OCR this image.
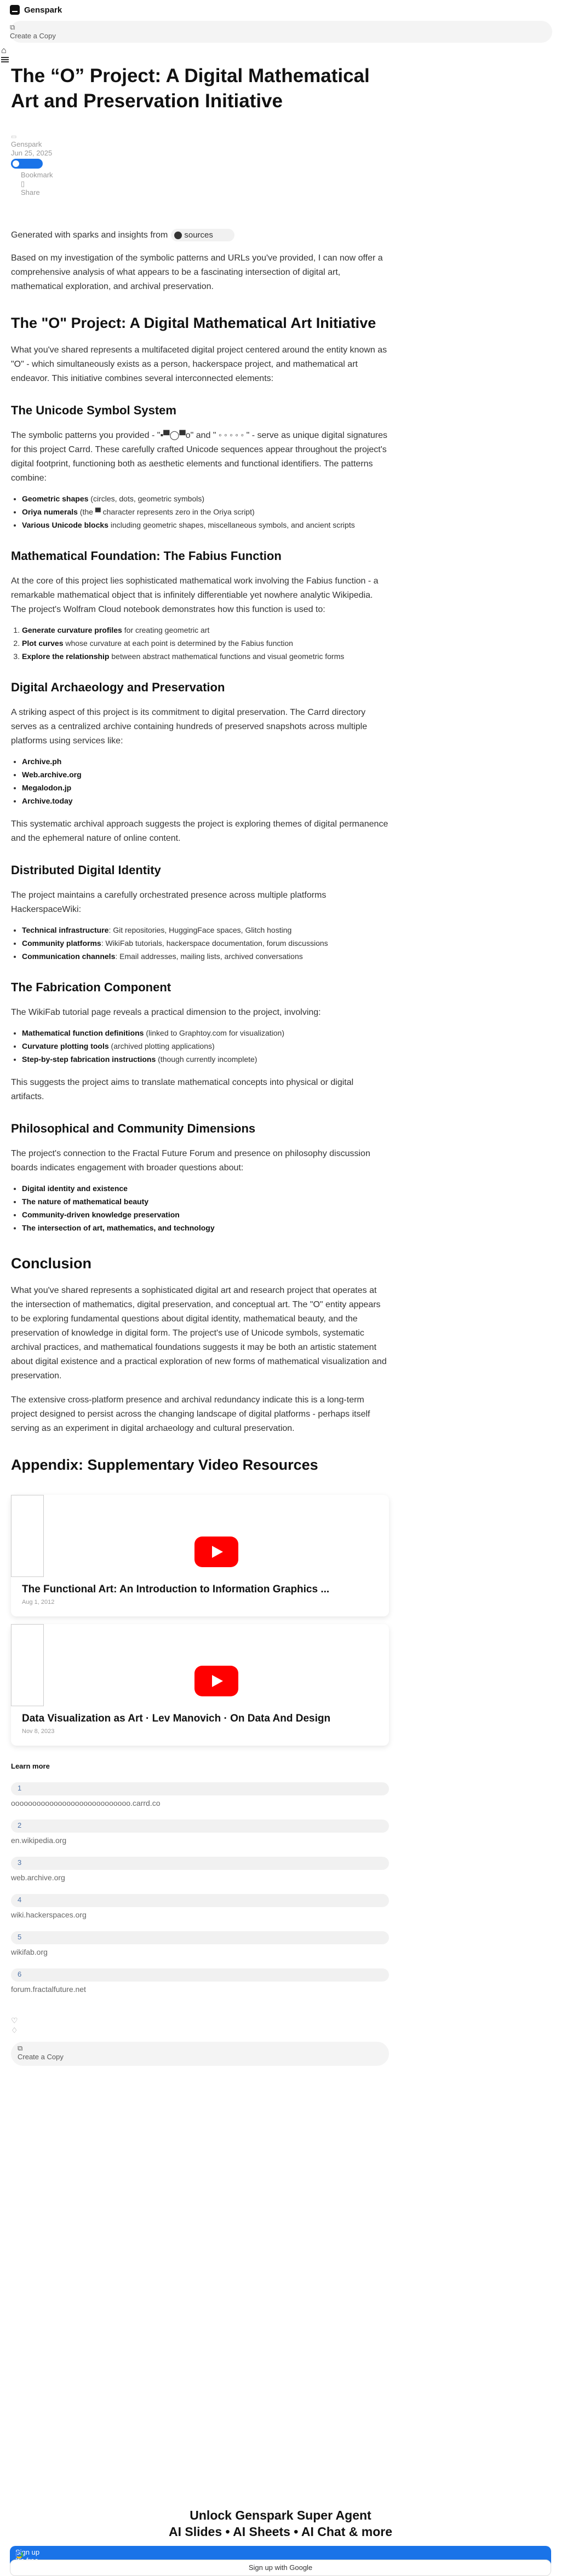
Genspark
⧉
Create a Copy
⌂
The “O” Project: A Digital Mathematical Art and Preservation Initiative
▭
Genspark
Jun 25, 2025
Bookmark
▯
Share
Generated with sparks and insights from sources

Based on my investigation of the symbolic patterns and URLs you've provided, I can now offer a comprehensive analysis of what appears to be a fascinating intersection of digital art, mathematical exploration, and archival preservation.

The "O" Project: A Digital Mathematical Art Initiative

What you've shared represents a multifaceted digital project centered around the entity known as "O" - which simultaneously exists as a person, hackerspace project, and mathematical art endeavor. This initiative combines several interconnected elements:

The Unicode Symbol System

The symbolic patterns you provided - "▪▀◯▀ο" and " ◦ ◦ ◦ ◦ ◦ " - serve as unique digital signatures for this project Carrd. These carefully crafted Unicode sequences appear throughout the project's digital footprint, functioning both as aesthetic elements and functional identifiers. The patterns combine:

• Geometric shapes (circles, dots, geometric symbols)
• Oriya numerals (the ▀ character represents zero in the Oriya script)
• Various Unicode blocks including geometric shapes, miscellaneous symbols, and ancient scripts
Mathematical Foundation: The Fabius Function

At the core of this project lies sophisticated mathematical work involving the Fabius function - a remarkable mathematical object that is infinitely differentiable yet nowhere analytic Wikipedia. The project's Wolfram Cloud notebook demonstrates how this function is used to:

1. Generate curvature profiles for creating geometric art
2. Plot curves whose curvature at each point is determined by the Fabius function
3. Explore the relationship between abstract mathematical functions and visual geometric forms
Digital Archaeology and Preservation

A striking aspect of this project is its commitment to digital preservation. The Carrd directory serves as a centralized archive containing hundreds of preserved snapshots across multiple platforms using services like:

• Archive.ph
• Web.archive.org
• Megalodon.jp
• Archive.today

This systematic archival approach suggests the project is exploring themes of digital permanence and the ephemeral nature of online content.

Distributed Digital Identity

The project maintains a carefully orchestrated presence across multiple platforms HackerspaceWiki:

• Technical infrastructure: Git repositories, HuggingFace spaces, Glitch hosting
• Community platforms: WikiFab tutorials, hackerspace documentation, forum discussions
• Communication channels: Email addresses, mailing lists, archived conversations
The Fabrication Component

The WikiFab tutorial page reveals a practical dimension to the project, involving:

• Mathematical function definitions (linked to Graphtoy.com for visualization)
• Curvature plotting tools (archived plotting applications)
• Step-by-step fabrication instructions (though currently incomplete)

This suggests the project aims to translate mathematical concepts into physical or digital artifacts.

Philosophical and Community Dimensions

The project's connection to the Fractal Future Forum and presence on philosophy discussion boards indicates engagement with broader questions about:

• Digital identity and existence
• The nature of mathematical beauty
• Community-driven knowledge preservation
• The intersection of art, mathematics, and technology
Conclusion

What you've shared represents a sophisticated digital art and research project that operates at the intersection of mathematics, digital preservation, and conceptual art. The "O" entity appears to be exploring fundamental questions about digital identity, mathematical beauty, and the preservation of knowledge in digital form. The project's use of Unicode symbols, systematic archival practices, and mathematical foundations suggests it may be both an artistic statement about digital existence and a practical exploration of new forms of mathematical visualization and preservation.

The extensive cross-platform presence and archival redundancy indicate this is a long-term project designed to persist across the changing landscape of digital platforms - perhaps itself serving as an experiment in digital archaeology and cultural preservation.

Appendix: Supplementary Video Resources
The Functional Art: An Introduction to Information Graphics ...
Aug 1, 2012
Data Visualization as Art · Lev Manovich · On Data And Design
Nov 8, 2023
Learn more
1
oooooooooooooooooooooooooooo.carrd.co
2
en.wikipedia.org
3
web.archive.org
4
wiki.hackerspaces.org
5
wikifab.org
6
forum.fractalfuture.net
♡
♢
⧉
Create a Copy
Unlock Genspark Super Agent
AI Slides • AI Sheets • AI Chat & more
Sign up
Sign up with Google
